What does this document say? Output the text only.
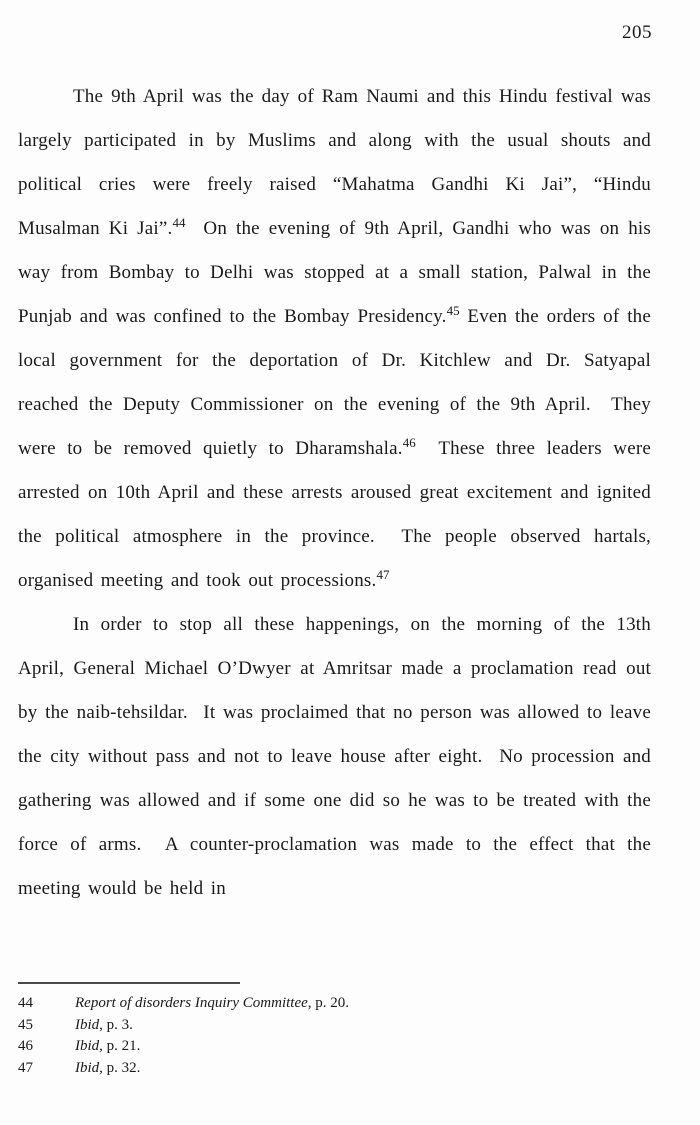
205

The 9th April was the day of Ram Naumi and this Hindu festival was largely participated in by Muslims and along with the usual shouts and political cries were freely raised “Mahatma Gandhi Ki Jai”, “Hindu Musalman Ki Jai”.$^{44}$  On the evening of 9th April, Gandhi who was on his way from Bombay to Delhi was stopped at a small station, Palwal in the Punjab and was confined to the Bombay Presidency.$^{45}$ Even the orders of the local government for the deportation of Dr. Kitchlew and Dr. Satyapal reached the Deputy Commissioner on the evening of the 9th April.  They were to be removed quietly to Dharamshala.$^{46}$  These three leaders were arrested on 10th April and these arrests aroused great excitement and ignited the political atmosphere in the province.  The people observed hartals, organised meeting and took out processions.$^{47}$

In order to stop all these happenings, on the morning of the 13th April, General Michael O’Dwyer at Amritsar made a proclamation read out by the naib-tehsildar.  It was proclaimed that no person was allowed to leave the city without pass and not to leave house after eight.  No procession and gathering was allowed and if some one did so he was to be treated with the force of arms.  A counter-proclamation was made to the effect that the meeting would be held in

44	Report of disorders Inquiry Committee, p. 20.
45	Ibid, p. 3.
46	Ibid, p. 21.
47	Ibid, p. 32.
